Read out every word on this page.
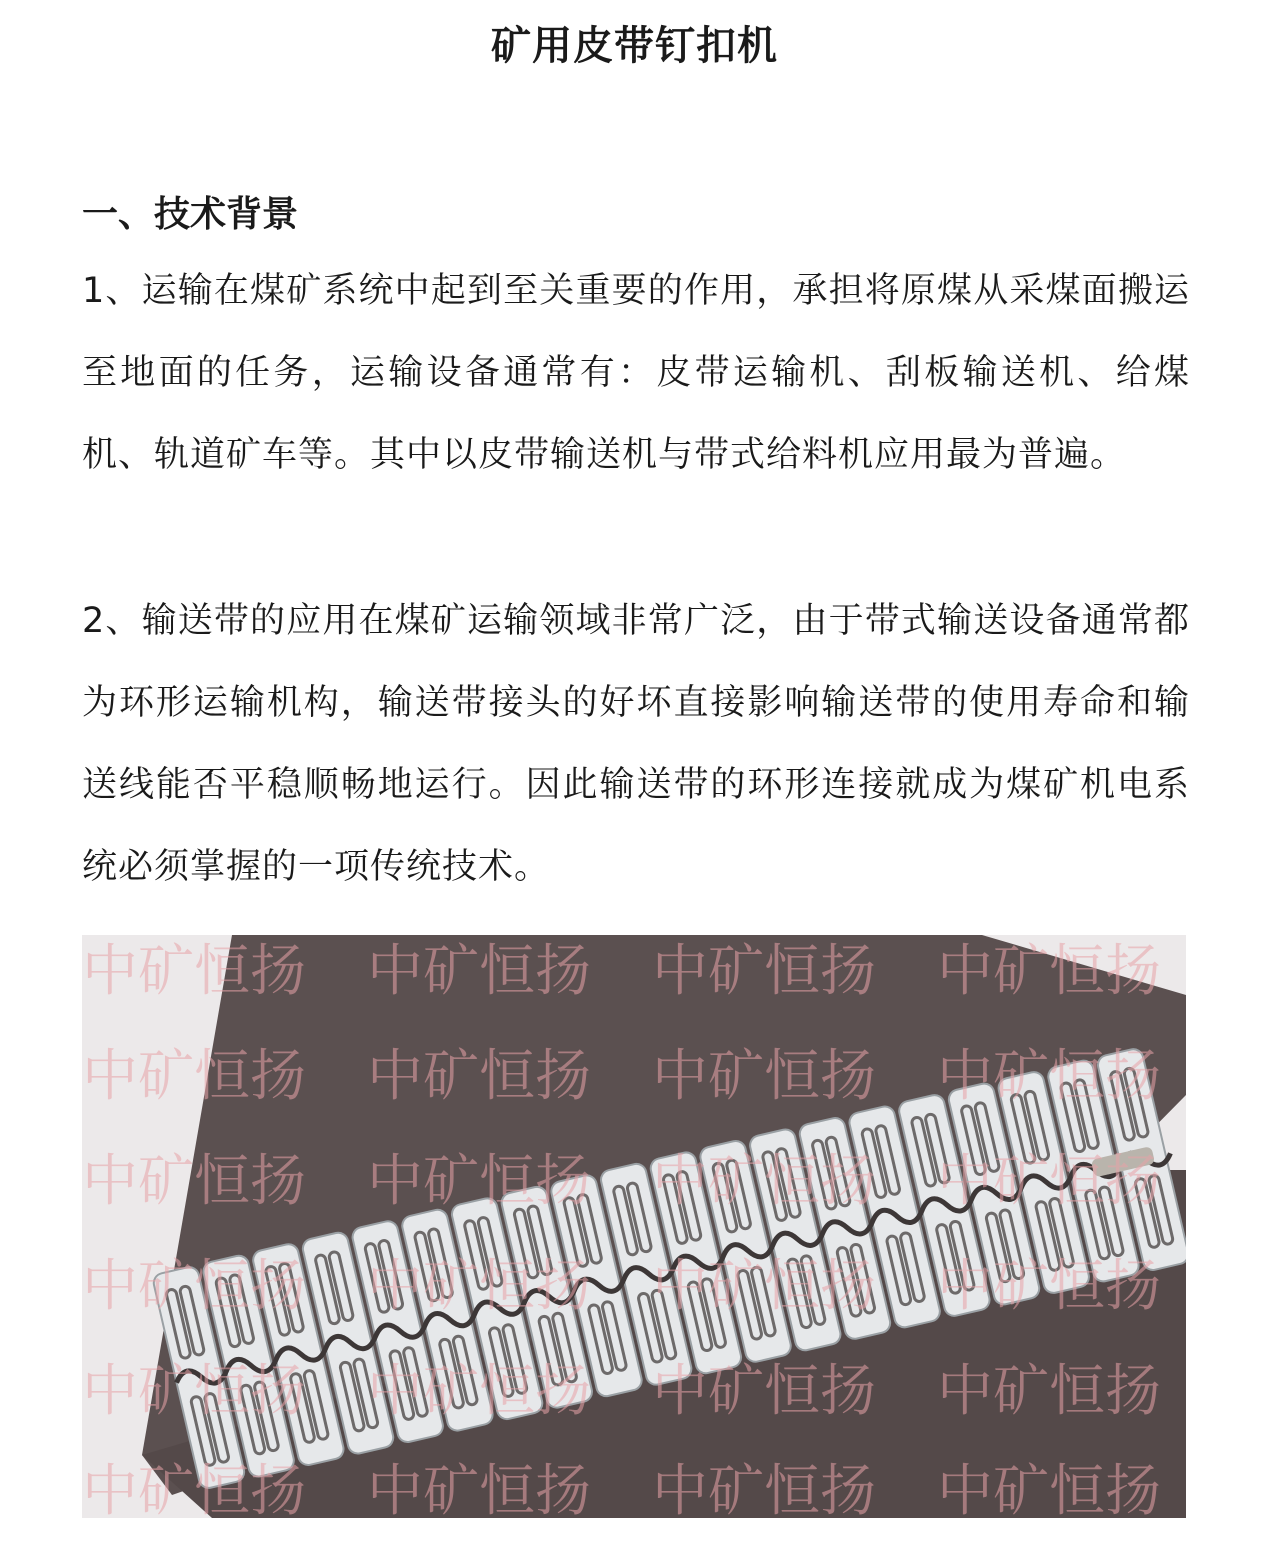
矿用皮带钉扣机
一、技术背景
1、运输在煤矿系统中起到至关重要的作用，承担将原煤从采煤面搬运至地面的任务，运输设备通常有：皮带运输机、刮板输送机、给煤机、轨道矿车等。其中以皮带输送机与带式给料机应用最为普遍。
2、输送带的应用在煤矿运输领域非常广泛，由于带式输送设备通常都为环形运输机构，输送带接头的好坏直接影响输送带的使用寿命和输送线能否平稳顺畅地运行。因此输送带的环形连接就成为煤矿机电系统必须掌握的一项传统技术。
中矿恒扬 中矿恒扬 中矿恒扬 中矿恒扬
中矿恒扬 中矿恒扬 中矿恒扬 中矿恒扬
中矿恒扬 中矿恒扬 中矿恒扬 中矿恒扬
中矿恒扬 中矿恒扬 中矿恒扬 中矿恒扬
中矿恒扬 中矿恒扬 中矿恒扬 中矿恒扬
中矿恒扬 中矿恒扬 中矿恒扬 中矿恒扬
